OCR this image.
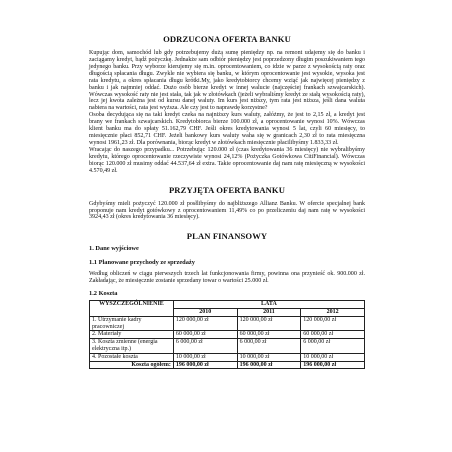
ODRZUCONA OFERTA BANKU

Kupując dom, samochód lub gdy potrzebujemy dużą sumę pieniędzy np. na remont udajemy się do banku i zaciągamy kredyt, bądź pożyczkę. Jednakże sam odbiór pieniędzy jest poprzedzony długim poszukiwaniem tego jedynego banku. Przy wyborze kierujemy się m.in. oprocentowaniem, co idzie w parze z wysokością raty oraz długością spłacania długu. Zwykle nie wybiera się banku, w którym oprocentowanie jest wysokie, wysoka jest rata kredytu, a okres spłacania długu krótki.My, jako kredytobiorcy chcemy wziąć jak najwięcej pieniędzy z banku i jak najmniej oddać. Dużo osób bierze kredyt w innej walucie (najczęściej frankach szwajcarskich). Wówczas wysokość raty nie jest stała, tak jak w złotówkach (jeżeli wybraliśmy kredyt ze stałą wysokością raty), lecz jej kwota zależna jest od kursu danej waluty. Im kurs jest niższy, tym rata jest niższa, jeśli dana waluta nabiera na wartości, rata jest wyższa. Ale czy jest to naprawdę korzystne?

Osoba decydująca się na taki kredyt czeka na najniższy kurs waluty, załóżmy, że jest to 2,15 zł, a kredyt jest brany we frankach szwajcarskich. Kredytobiorca bierze 100.000 zł, a oprocentowanie wynosi 10%. Wówczas klient banku ma do spłaty 51.162,79 CHF. Jeśli okres kredytowania wynosi 5 lat, czyli 60 miesięcy, to miesięcznie płaci 852,71 CHF. Jeżeli bankowy kurs waluty waha się w granicach 2,30 zł to rata miesięczna wynosi 1961,23 zł. Dla porównania, biorąc kredyt w złotówkach miesięcznie płacilibyśmy 1.833,33 zł.

Wracając do naszego przypadku... Potrzebując 120.000 zł (czas kredytowania 36 miesięcy) nie wybralibyśmy kredytu, którego oprocentowanie rzeczywiste wynosi 24,12% (Pożyczka Gotówkowa CitiFinancial). Wówczas biorąc 120.000 zł musimy oddać 44.537,64 zł extra. Takie oprocentowanie daj nam ratę miesięczną w wysokości 4.570,49 zł.

PRZYJĘTA OFERTA BANKU

Gdybyśmy mieli pożyczyć 120.000 zł posłlibyśmy do najbliższego Allianz Banku. W ofercie specjalnej bank proponuje nam kredyt gotówkowy z oprocentowaniem 11,49% co po przeliczeniu daj nam ratę w wysokości 3924,43 zł (okres kredytowania 36 miesięcy).

PLAN FINANSOWY
1. Dane wyjściowe
1.1 Planowane przychody ze sprzedaży

Według obliczeń w ciągu pierwszych trzech lat funkcjonowania firmy, powinna ona przynieść ok. 900.000 zł. Zakładając, że miesięcznie zostanie sprzedany towar o wartości 25.000 zł.

1.2 Koszta
WYSZCZEGÓLNIENIE	LATA		
	2010	2011	2012
1. Utrzymanie kadry pracowniczej	120 000,00 zł	120 000,00 zł	120 000,00 zł
2. Materiały	60 000,00 zł	60 000,00 zł	60 000,00 zł
3. Koszta zmienne (energia elektryczna itp.)	6 000,00 zł	6 000,00 zł	6 000,00 zł
4. Pozostałe koszta	10 000,00 zł	10 000,00 zł	10 000,00 zł
Koszta ogółem:	196 000,00 zł	196 000,00 zł	196 000,00 zł
